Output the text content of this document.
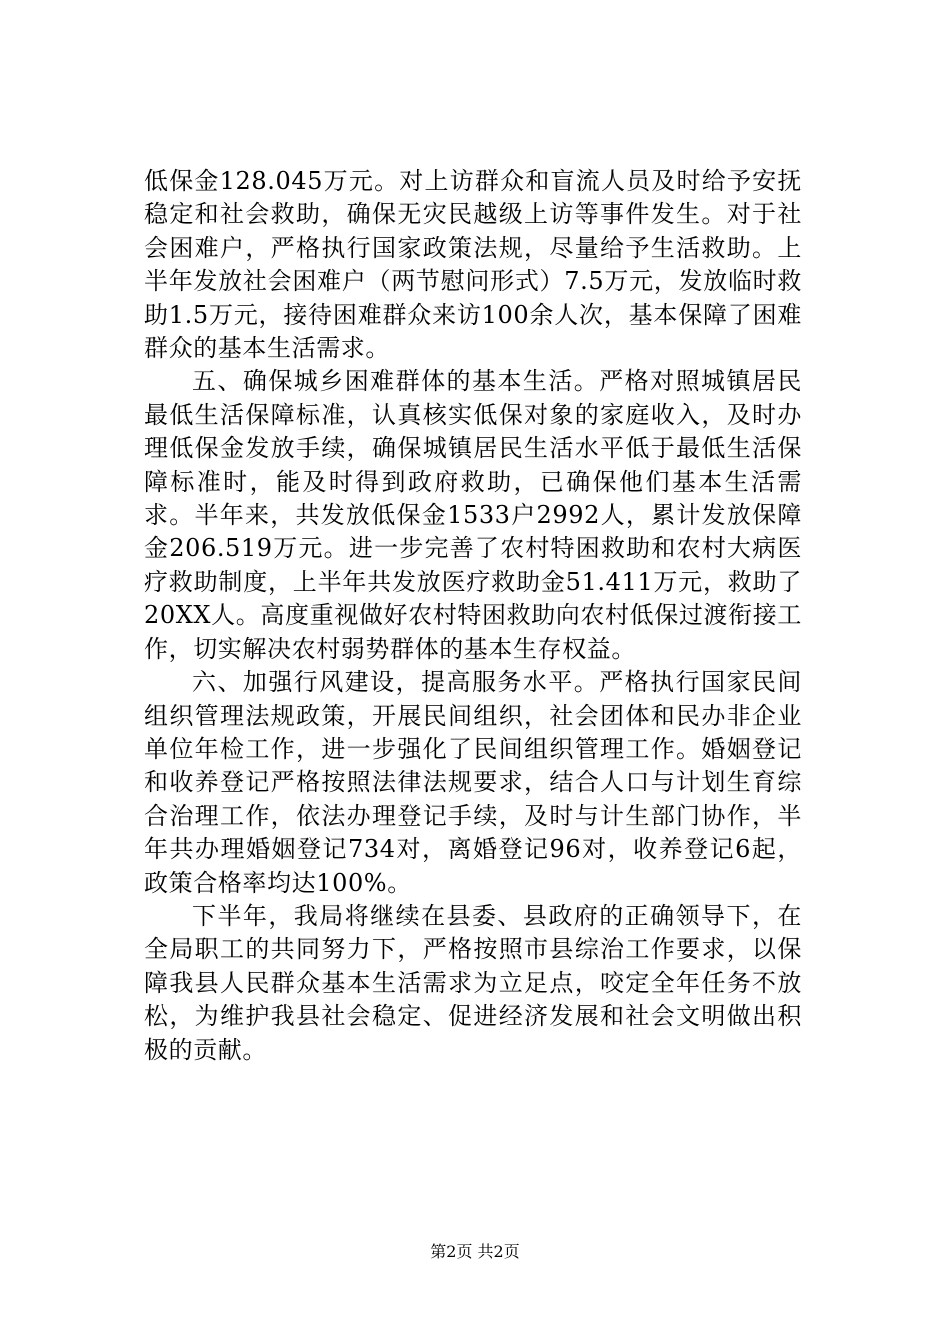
低保金128.045万元。对上访群众和盲流人员及时给予安抚稳定和社会救助，确保无灾民越级上访等事件发生。对于社会困难户，严格执行国家政策法规，尽量给予生活救助。上半年发放社会困难户（两节慰问形式）7.5万元，发放临时救助1.5万元，接待困难群众来访100余人次，基本保障了困难群众的基本生活需求。

五、确保城乡困难群体的基本生活。严格对照城镇居民最低生活保障标准，认真核实低保对象的家庭收入，及时办理低保金发放手续，确保城镇居民生活水平低于最低生活保障标准时，能及时得到政府救助，已确保他们基本生活需求。半年来，共发放低保金1533户2992人，累计发放保障金206.519万元。进一步完善了农村特困救助和农村大病医疗救助制度，上半年共发放医疗救助金51.411万元，救助了20XX人。高度重视做好农村特困救助向农村低保过渡衔接工作，切实解决农村弱势群体的基本生存权益。

六、加强行风建设，提高服务水平。严格执行国家民间组织管理法规政策，开展民间组织，社会团体和民办非企业单位年检工作，进一步强化了民间组织管理工作。婚姻登记和收养登记严格按照法律法规要求，结合人口与计划生育综合治理工作，依法办理登记手续，及时与计生部门协作，半年共办理婚姻登记734对，离婚登记96对，收养登记6起，政策合格率均达100%。

下半年，我局将继续在县委、县政府的正确领导下，在全局职工的共同努力下，严格按照市县综治工作要求，以保障我县人民群众基本生活需求为立足点，咬定全年任务不放松，为维护我县社会稳定、促进经济发展和社会文明做出积极的贡献。

第2页 共2页
